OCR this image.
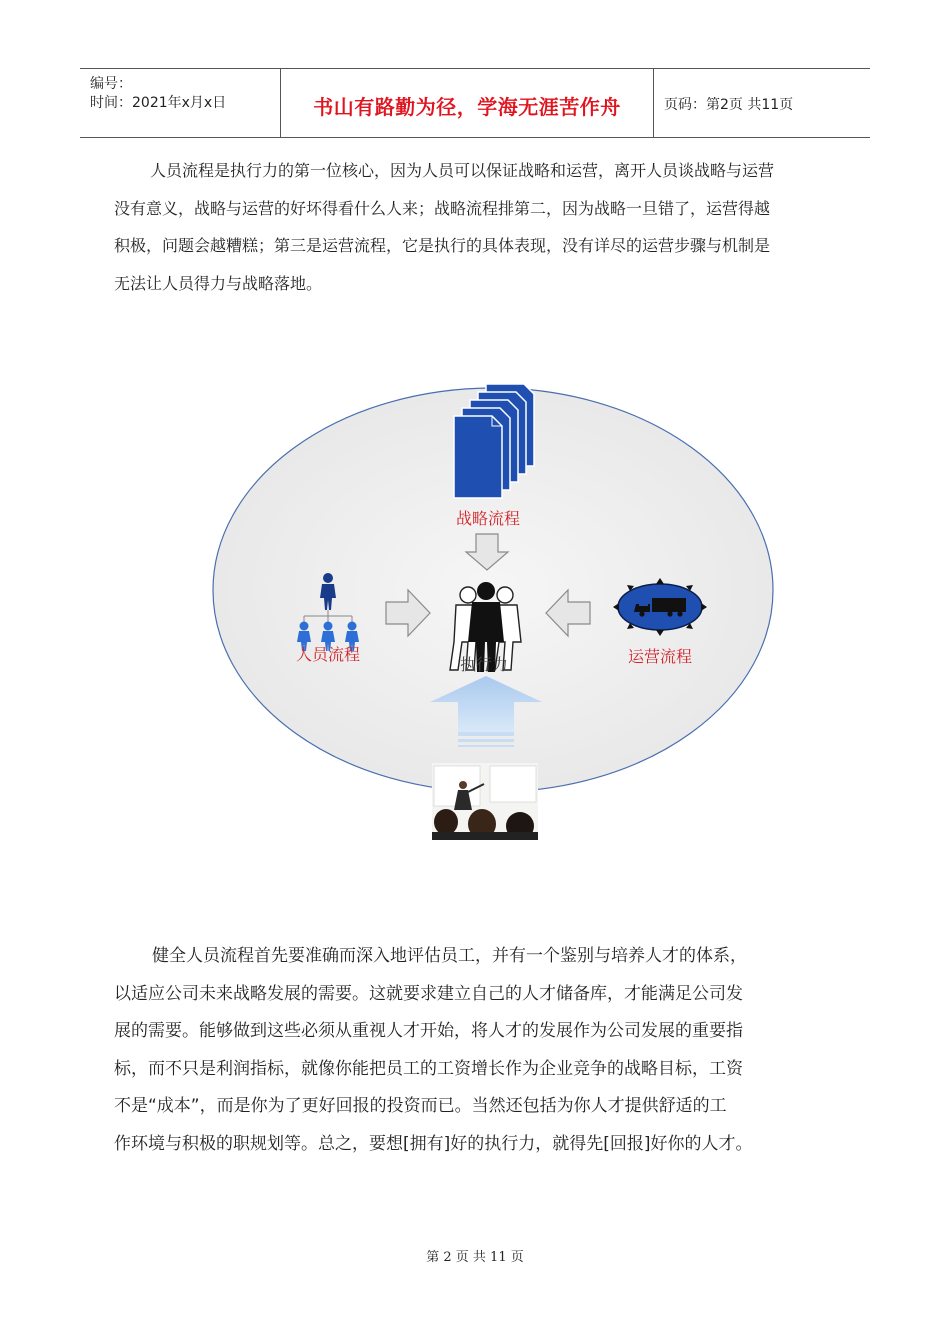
编号：
时间：2021年x月x日	书山有路勤为径，学海无涯苦作舟	页码：第2页 共11页
人员流程是执行力的第一位核心，因为人员可以保证战略和运营，离开人员谈战略与运营
没有意义，战略与运营的好坏得看什么人来；战略流程排第二，因为战略一旦错了，运营得越
积极，问题会越糟糕；第三是运营流程，它是执行的具体表现，没有详尽的运营步骤与机制是
无法让人员得力与战略落地。
战略流程
执行力
人员流程	运营流程
健全人员流程首先要准确而深入地评估员工，并有一个鉴别与培养人才的体系，
以适应公司未来战略发展的需要。这就要求建立自己的人才储备库，才能满足公司发
展的需要。能够做到这些必须从重视人才开始，将人才的发展作为公司发展的重要指
标，而不只是利润指标，就像你能把员工的工资增长作为企业竞争的战略目标，工资
不是“成本”，而是你为了更好回报的投资而已。当然还包括为你人才提供舒适的工
作环境与积极的职规划等。总之，要想[拥有]好的执行力，就得先[回报]好你的人才。
第 2 页 共 11 页
